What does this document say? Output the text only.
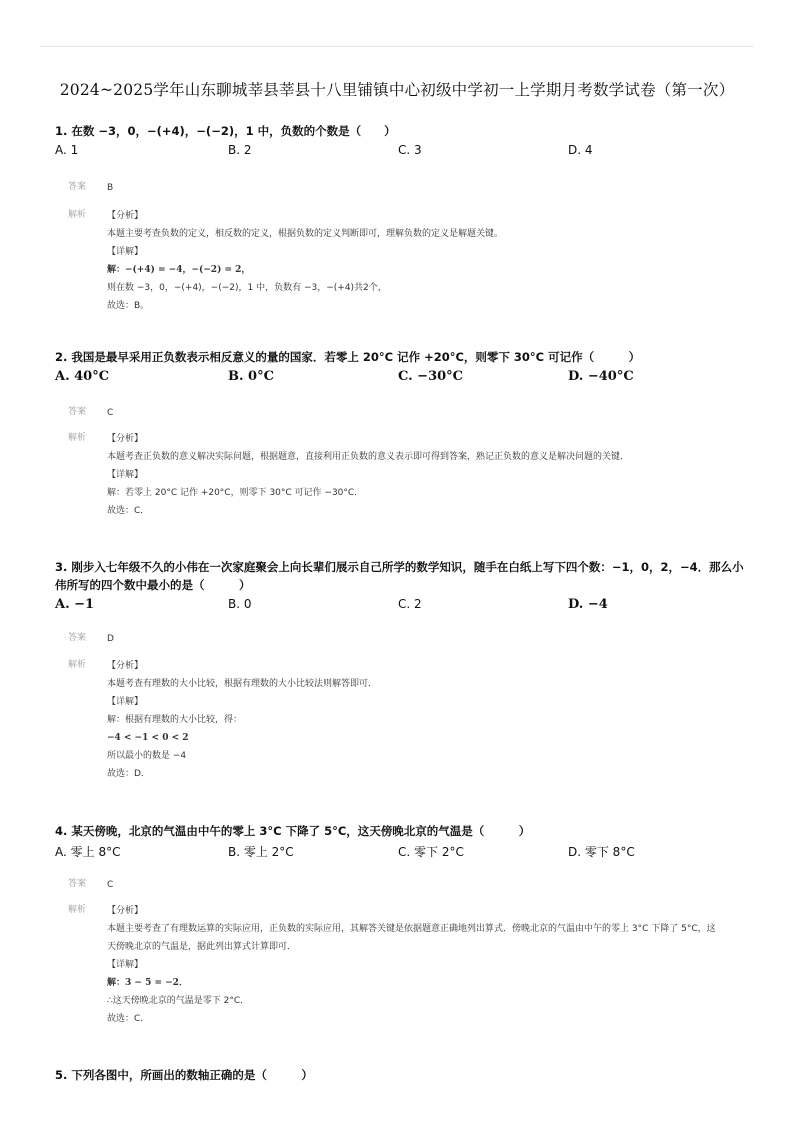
2024~2025学年山东聊城莘县莘县十八里铺镇中心初级中学初一上学期月考数学试卷（第一次）
1. 在数 −3，0，−(+4)，−(−2)，1 中，负数的个数是（　　）
A. 1	B. 2	C. 3	D. 4
答案 B
解析 【分析】
本题主要考查负数的定义，相反数的定义，根据负数的定义判断即可，理解负数的定义是解题关键。
【详解】
解：−(+4) = −4，−(−2) = 2，
则在数 −3，0，−(+4)，−(−2)，1 中，负数有 −3，−(+4)共2个，
故选：B。
2. 我国是最早采用正负数表示相反意义的量的国家．若零上 20°C 记作 +20°C，则零下 30°C 可记作（　　　）
A. 40°C	B. 0°C	C. −30°C	D. −40°C
答案 C
解析 【分析】
本题考查正负数的意义解决实际问题，根据题意，直接利用正负数的意义表示即可得到答案，熟记正负数的意义是解决问题的关键．
【详解】
解：若零上 20°C 记作 +20°C，则零下 30°C 可记作 −30°C．
故选：C．
3. 刚步入七年级不久的小伟在一次家庭聚会上向长辈们展示自己所学的数学知识，随手在白纸上写下四个数：−1，0，2，−4．那么小伟所写的四个数中最小的是（　　　）
A. −1	B. 0	C. 2	D. −4
答案 D
解析 【分析】
本题考查有理数的大小比较，根据有理数的大小比较法则解答即可．
【详解】
解：根据有理数的大小比较，得：
−4 < −1 < 0 < 2
所以最小的数是 −4
故选：D．
4. 某天傍晚，北京的气温由中午的零上 3°C 下降了 5°C，这天傍晚北京的气温是（　　　）
A. 零上 8°C	B. 零上 2°C	C. 零下 2°C	D. 零下 8°C
答案 C
解析 【分析】
本题主要考查了有理数运算的实际应用，正负数的实际应用，其解答关键是依据题意正确地列出算式．傍晚北京的气温由中午的零上 3°C 下降了 5°C，这天傍晚北京的气温是，据此列出算式计算即可．
【详解】
解：3 − 5 = −2．
∴这天傍晚北京的气温是零下 2°C．
故选：C．
5. 下列各图中，所画出的数轴正确的是（　　　）
